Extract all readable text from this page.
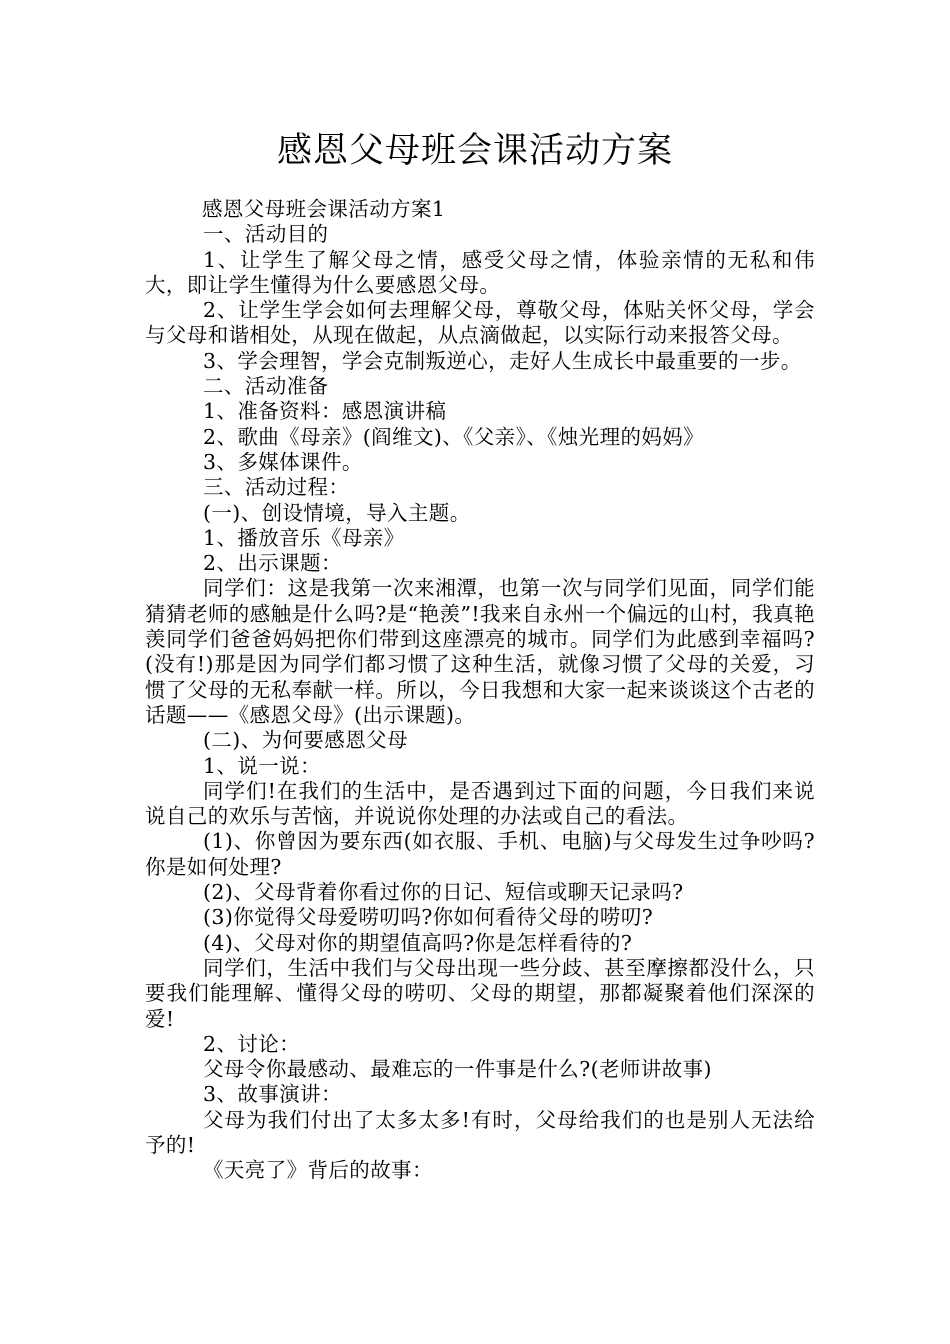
感恩父母班会课活动方案

感恩父母班会课活动方案1

一、活动目的

1、让学生了解父母之情，感受父母之情，体验亲情的无私和伟大，即让学生懂得为什么要感恩父母。

2、让学生学会如何去理解父母，尊敬父母，体贴关怀父母，学会与父母和谐相处，从现在做起，从点滴做起，以实际行动来报答父母。

3、学会理智，学会克制叛逆心，走好人生成长中最重要的一步。

二、活动准备

1、准备资料：感恩演讲稿

2、歌曲《母亲》(阎维文)、《父亲》、《烛光理的妈妈》

3、多媒体课件。

三、活动过程：

(一)、创设情境，导入主题。

1、播放音乐《母亲》

2、出示课题：

同学们：这是我第一次来湘潭，也第一次与同学们见面，同学们能猜猜老师的感触是什么吗?是“艳羡”!我来自永州一个偏远的山村，我真艳羡同学们爸爸妈妈把你们带到这座漂亮的城市。同学们为此感到幸福吗?(没有!)那是因为同学们都习惯了这种生活，就像习惯了父母的关爱，习惯了父母的无私奉献一样。所以，今日我想和大家一起来谈谈这个古老的话题——《感恩父母》(出示课题)。

(二)、为何要感恩父母

1、说一说：

同学们!在我们的生活中，是否遇到过下面的问题，今日我们来说说自己的欢乐与苦恼，并说说你处理的办法或自己的看法。

(1)、你曾因为要东西(如衣服、手机、电脑)与父母发生过争吵吗?你是如何处理?

(2)、父母背着你看过你的日记、短信或聊天记录吗?

(3)你觉得父母爱唠叨吗?你如何看待父母的唠叨?

(4)、父母对你的期望值高吗?你是怎样看待的?

同学们，生活中我们与父母出现一些分歧、甚至摩擦都没什么，只要我们能理解、懂得父母的唠叨、父母的期望，那都凝聚着他们深深的爱!

2、讨论：

父母令你最感动、最难忘的一件事是什么?(老师讲故事)

3、故事演讲：

父母为我们付出了太多太多!有时，父母给我们的也是别人无法给予的!

《天亮了》背后的故事：
